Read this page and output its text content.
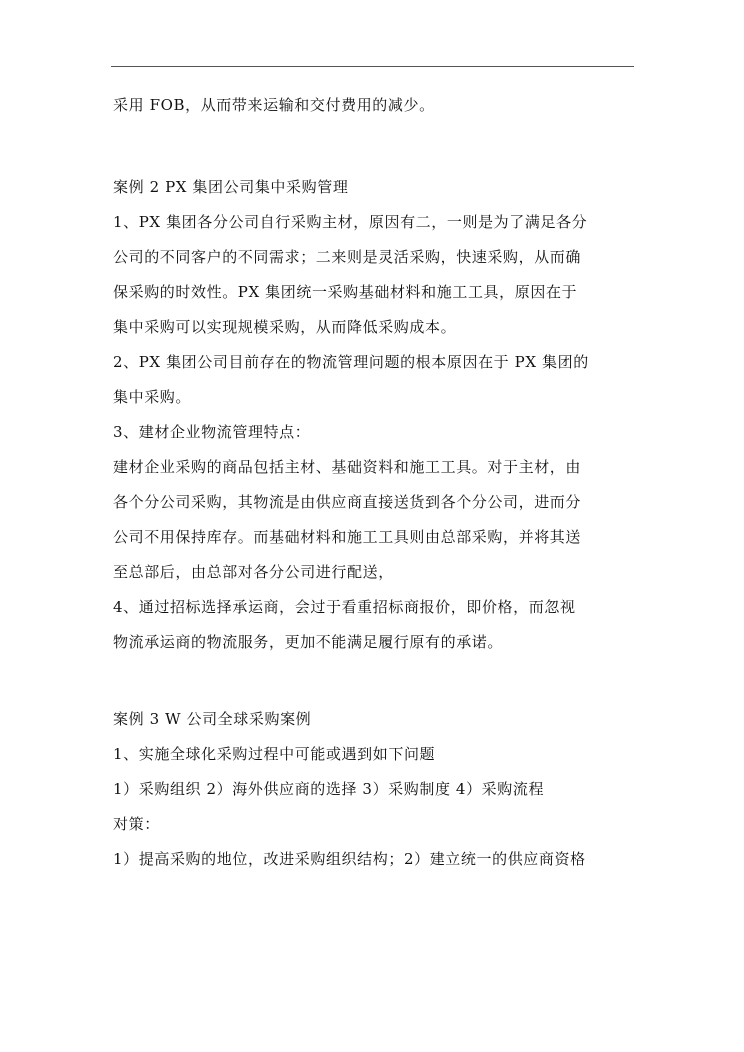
采用 FOB，从而带来运输和交付费用的减少。
案例 2 PX 集团公司集中采购管理
1、PX 集团各分公司自行采购主材，原因有二，一则是为了满足各分
公司的不同客户的不同需求；二来则是灵活采购，快速采购，从而确
保采购的时效性。PX 集团统一采购基础材料和施工工具，原因在于
集中采购可以实现规模采购，从而降低采购成本。
2、PX 集团公司目前存在的物流管理问题的根本原因在于 PX 集团的
集中采购。
3、建材企业物流管理特点：
建材企业采购的商品包括主材、基础资料和施工工具。对于主材，由
各个分公司采购，其物流是由供应商直接送货到各个分公司，进而分
公司不用保持库存。而基础材料和施工工具则由总部采购，并将其送
至总部后，由总部对各分公司进行配送，
4、通过招标选择承运商，会过于看重招标商报价，即价格，而忽视
物流承运商的物流服务，更加不能满足履行原有的承诺。
案例 3 W 公司全球采购案例
1、实施全球化采购过程中可能或遇到如下问题
1）采购组织 2）海外供应商的选择 3）采购制度 4）采购流程
对策：
1）提高采购的地位，改进采购组织结构；2）建立统一的供应商资格
